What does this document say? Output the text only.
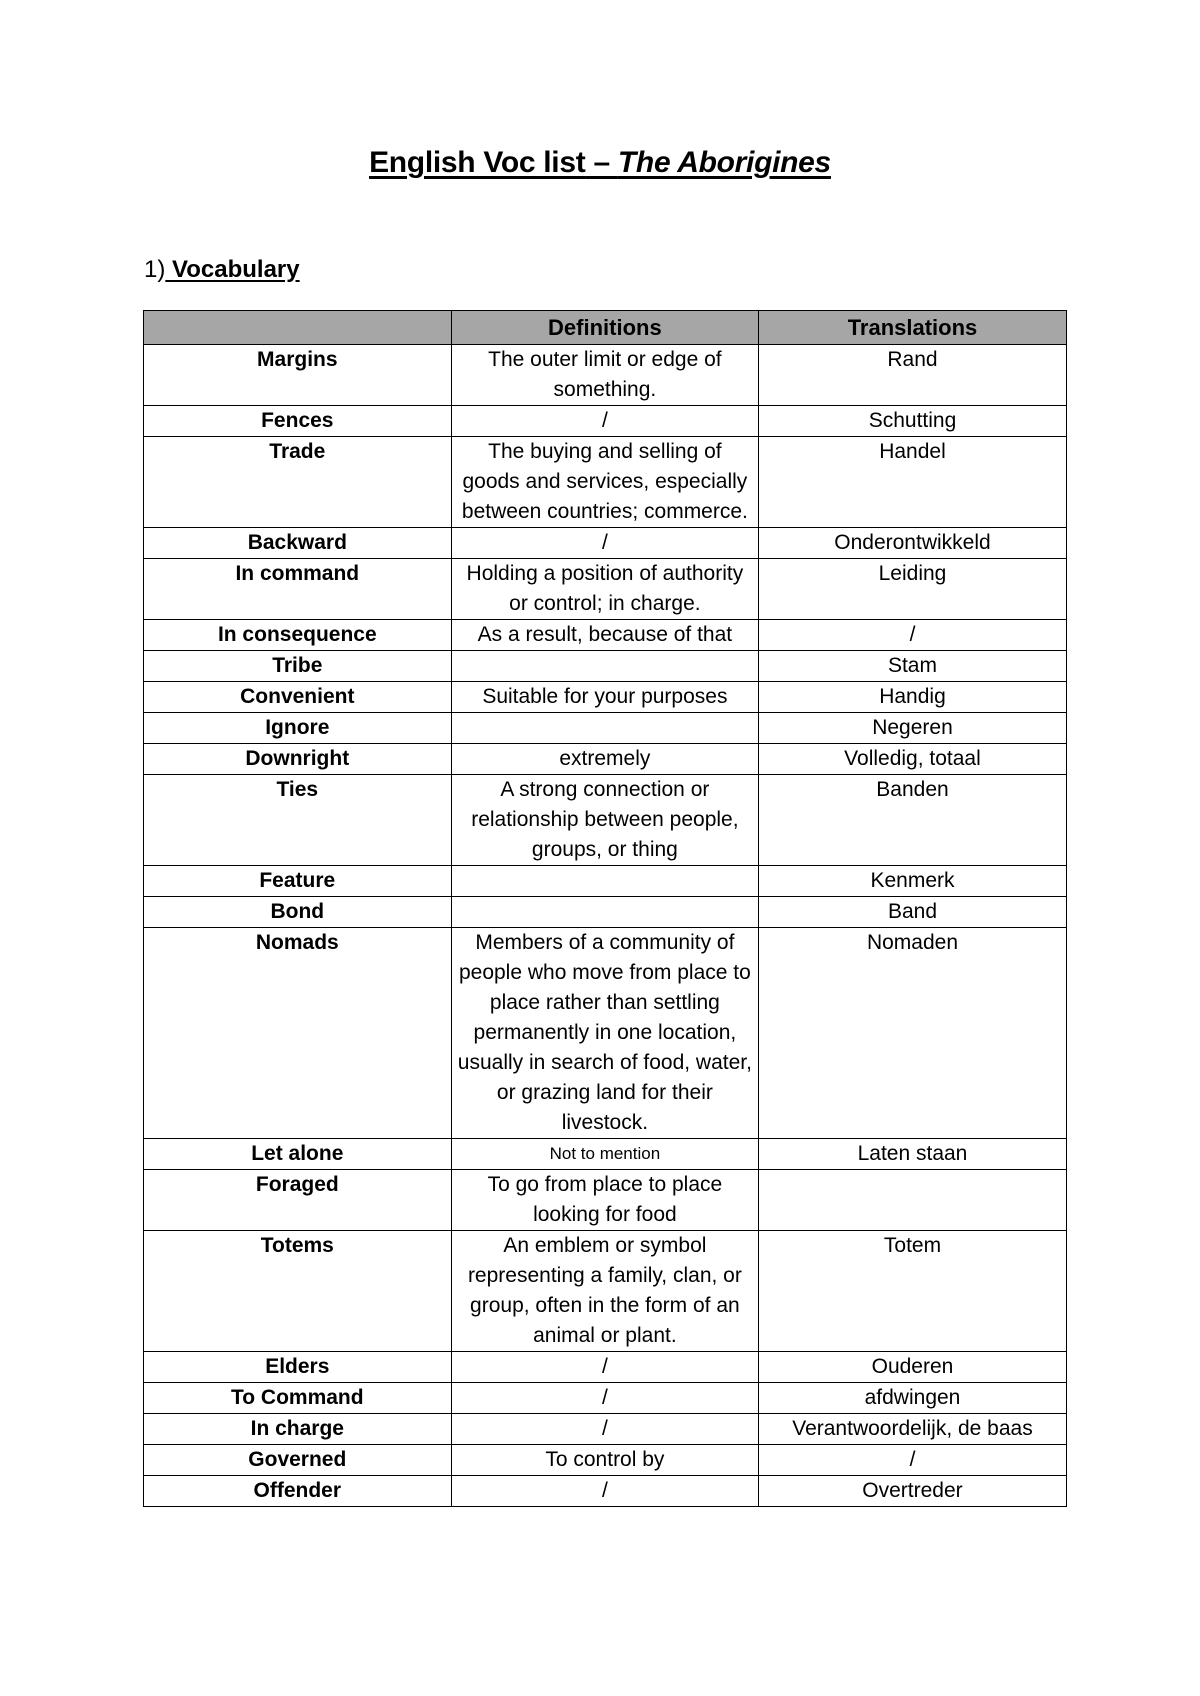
English Voc list – The Aborigines
1) Vocabulary
	Definitions	Translations
Margins	The outer limit or edge of something.	Rand
Fences	/	Schutting
Trade	The buying and selling of goods and services, especially between countries; commerce.	Handel
Backward	/	Onderontwikkeld
In command	Holding a position of authority or control; in charge.	Leiding
In consequence	As a result, because of that	/
Tribe		Stam
Convenient	Suitable for your purposes	Handig
Ignore		Negeren
Downright	extremely	Volledig, totaal
Ties	A strong connection or relationship between people, groups, or thing	Banden
Feature		Kenmerk
Bond		Band
Nomads	Members of a community of people who move from place to place rather than settling permanently in one location, usually in search of food, water, or grazing land for their livestock.	Nomaden
Let alone	Not to mention	Laten staan
Foraged	To go from place to place looking for food	
Totems	An emblem or symbol representing a family, clan, or group, often in the form of an animal or plant.	Totem
Elders	/	Ouderen
To Command	/	afdwingen
In charge	/	Verantwoordelijk, de baas
Governed	To control by	/
Offender	/	Overtreder
